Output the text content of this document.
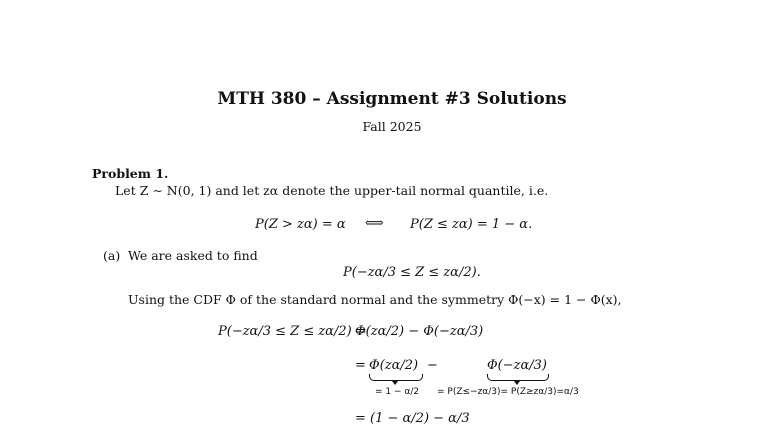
MTH 380 – Assignment #3 Solutions
Fall 2025
Problem 1.
Let Z ∼ N(0, 1) and let zα denote the upper-tail normal quantile, i.e.
P(Z > zα) = α ⟺ P(Z ≤ zα) = 1 − α.
(a) We are asked to find
P(−zα/3 ≤ Z ≤ zα/2).
Using the CDF Φ of the standard normal and the symmetry Φ(−x) = 1 − Φ(x),
P(−zα/3 ≤ Z ≤ zα/2) =
Φ(zα/2) − Φ(−zα/3)
= Φ(zα/2) −	Φ(−zα/3)
= 1 − α/2 = P(Z≤−zα/3)= P(Z≥zα/3)=α/3
= (1 − α/2) − α/3
